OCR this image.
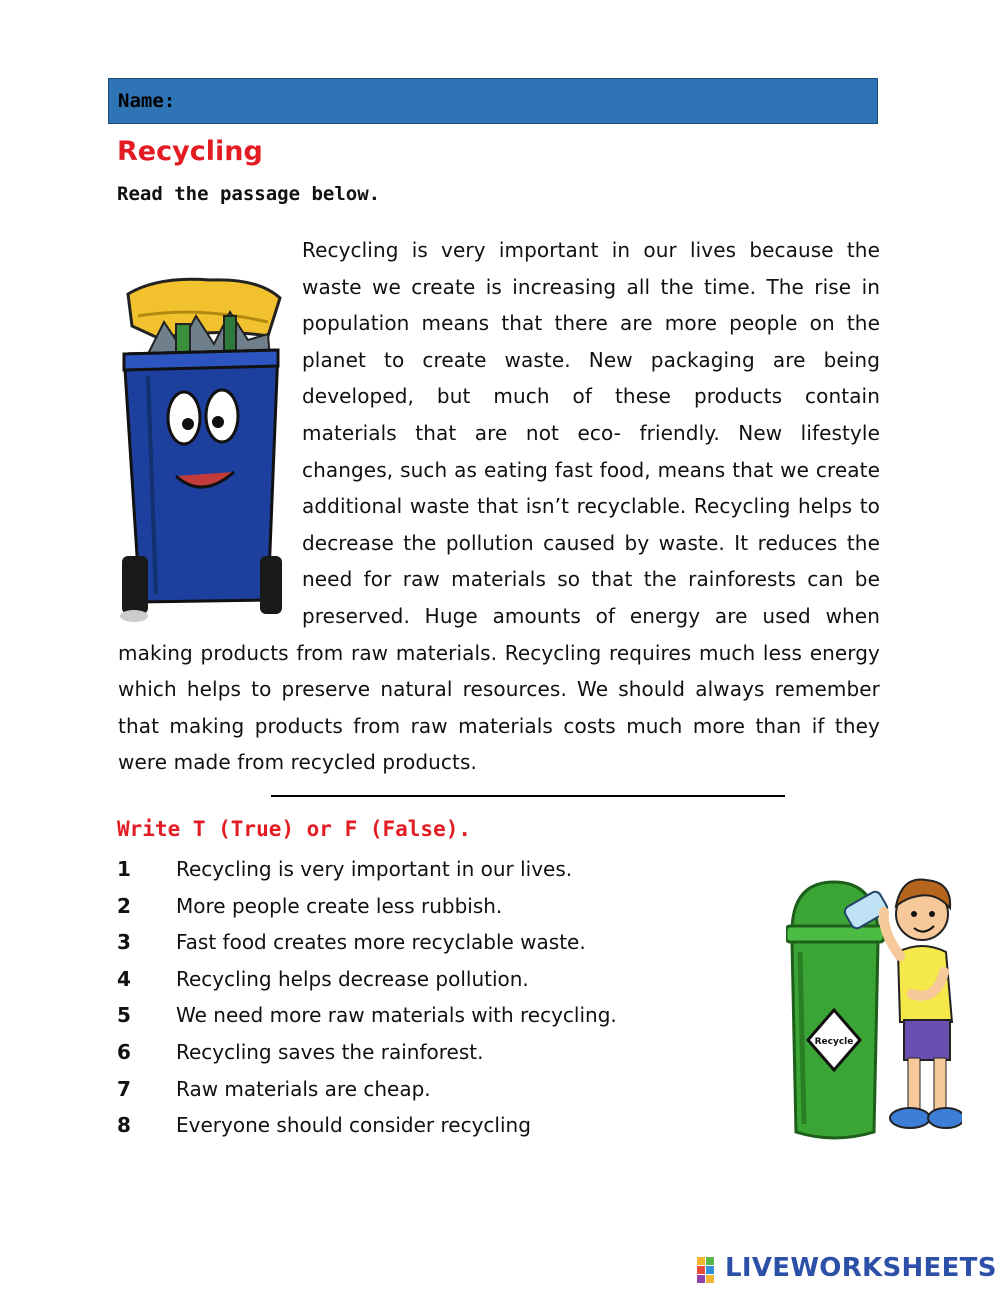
Name:
Recycling
Read the passage below.

Recycling is very important in our lives because the waste we create is increasing all the time. The rise in population means that there are more people on the planet to create waste. New packaging are being developed, but much of these products contain materials that are not eco- friendly. New lifestyle changes, such as eating fast food, means that we create additional waste that isn’t recyclable. Recycling helps to decrease the pollution caused by waste. It reduces the need for raw materials so that the rainforests can be preserved. Huge amounts of energy are used when making products from raw materials. Recycling requires much less energy which helps to preserve natural resources. We should always remember that making products from raw materials costs much more than if they were made from recycled products.

Write T (True) or F (False).
1 Recycling is very important in our lives.
2 More people create less rubbish.
3 Fast food creates more recyclable waste.
4 Recycling helps decrease pollution.
5 We need more raw materials with recycling.
6 Recycling saves the rainforest.
7 Raw materials are cheap.
8 Everyone should consider recycling
Recycle
LIVEWORKSHEETS
